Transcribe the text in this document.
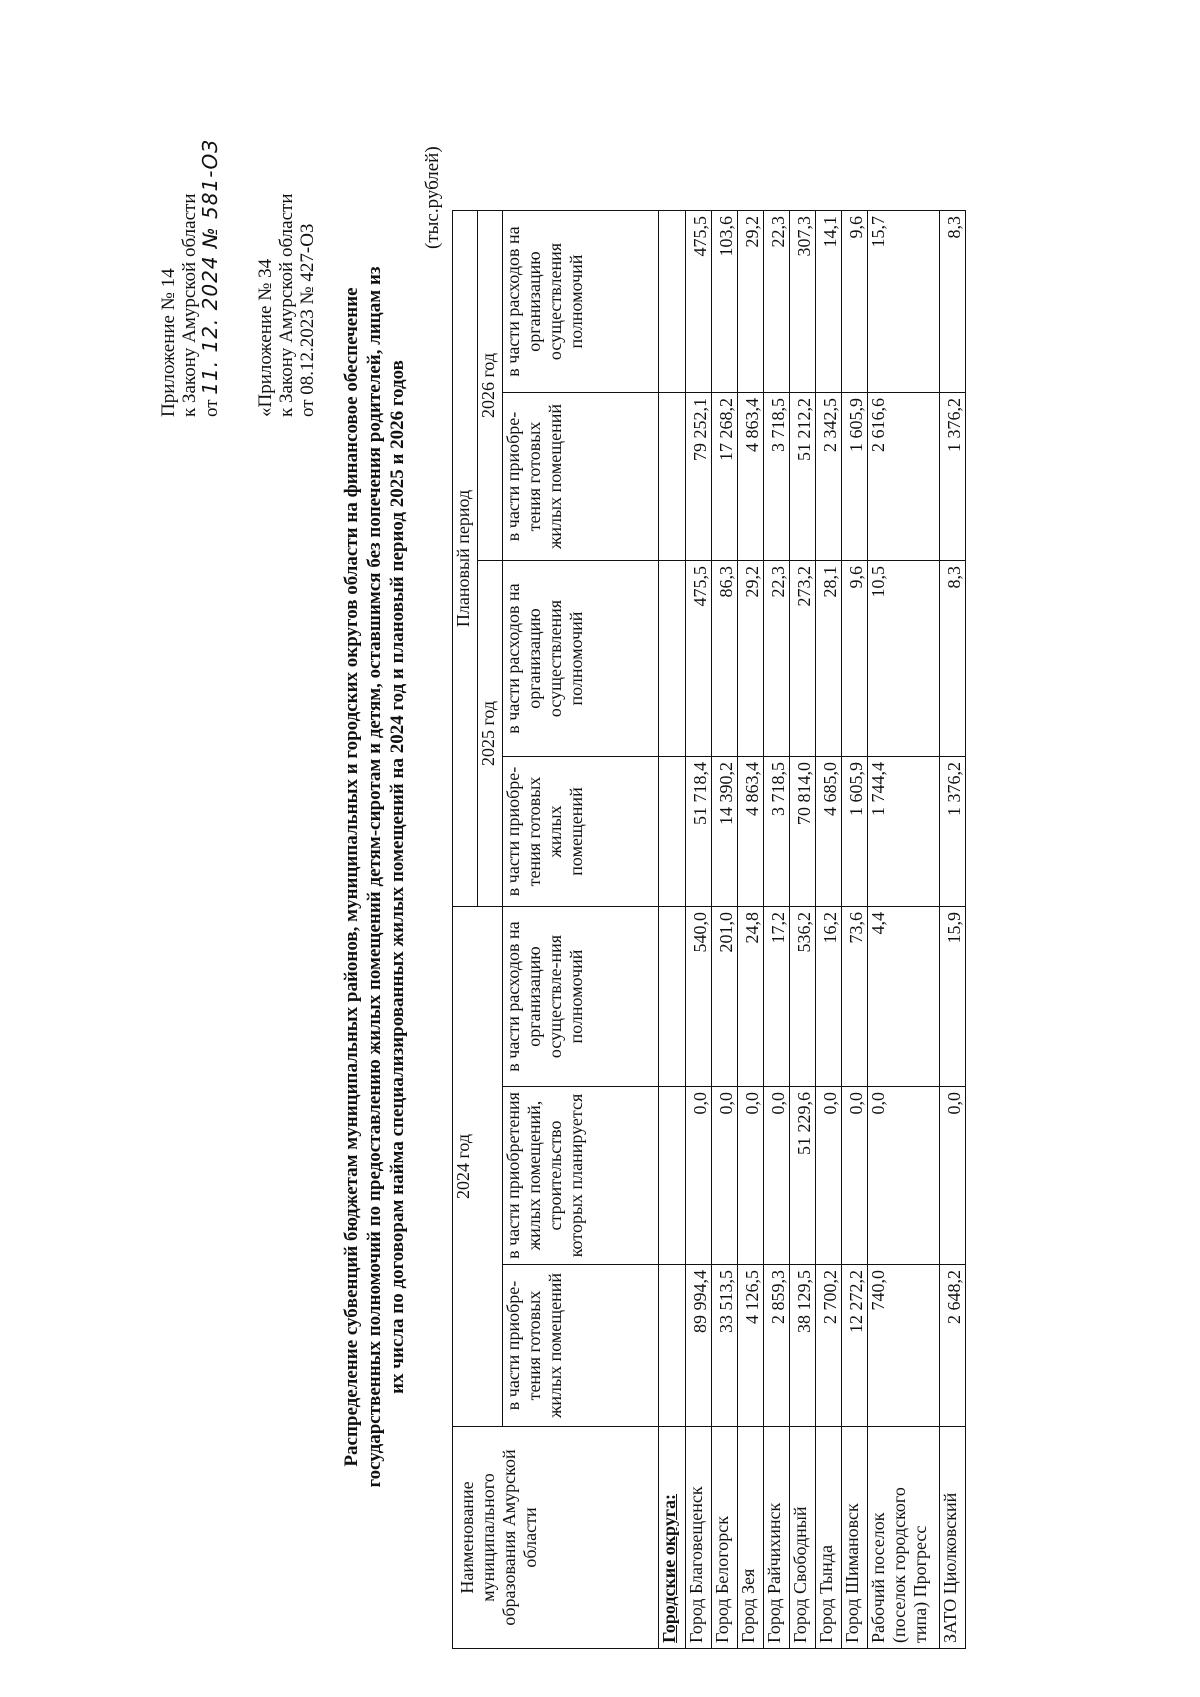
Приложение № 14 к Закону Амурской области от 11. 12. 2024 № 581-ОЗ «Приложение № 34 к Закону Амурской области от 08.12.2023 № 427-ОЗ Распределение субвенций бюджетам муниципальных районов, муниципальных и городских округов области на финансовое обеспечение государственных полномочий по предоставлению жилых помещений детям-сиротам и детям, оставшимся без попечения родителей, лицам из их числа по договорам найма специализированных жилых помещений на 2024 год и плановый период 2025 и 2026 годов
(тыс.рублей)
Наименование муниципального образования Амурской области	2024 год			Плановый период			
				2025 год		2026 год	
	в части приобре-тения готовых жилых помещений	в части приобретения жилых помещений, строительство которых планируется	в части расходов на организацию осуществле-ния полномочий	в части приобре-тения готовых жилых помещений	в части расходов на организацию осуществления полномочий	в части приобре-тения готовых жилых помещений	в части расходов на организацию осуществления полномочий
Городские округа:							
Город Благовещенск	89 994,4	0,0	540,0	51 718,4	475,5	79 252,1	475,5
Город Белогорск	33 513,5	0,0	201,0	14 390,2	86,3	17 268,2	103,6
Город Зея	4 126,5	0,0	24,8	4 863,4	29,2	4 863,4	29,2
Город Райчихинск	2 859,3	0,0	17,2	3 718,5	22,3	3 718,5	22,3
Город Свободный	38 129,5	51 229,6	536,2	70 814,0	273,2	51 212,2	307,3
Город Тында	2 700,2	0,0	16,2	4 685,0	28,1	2 342,5	14,1
Город Шимановск	12 272,2	0,0	73,6	1 605,9	9,6	1 605,9	9,6

Рабочий поселок (поселок городского типа) Прогресс	740,0	0,0	4,4	1 744,4	10,5	2 616,6	15,7
ЗАТО Циолковский	2 648,2	0,0	15,9	1 376,2	8,3	1 376,2	8,3
